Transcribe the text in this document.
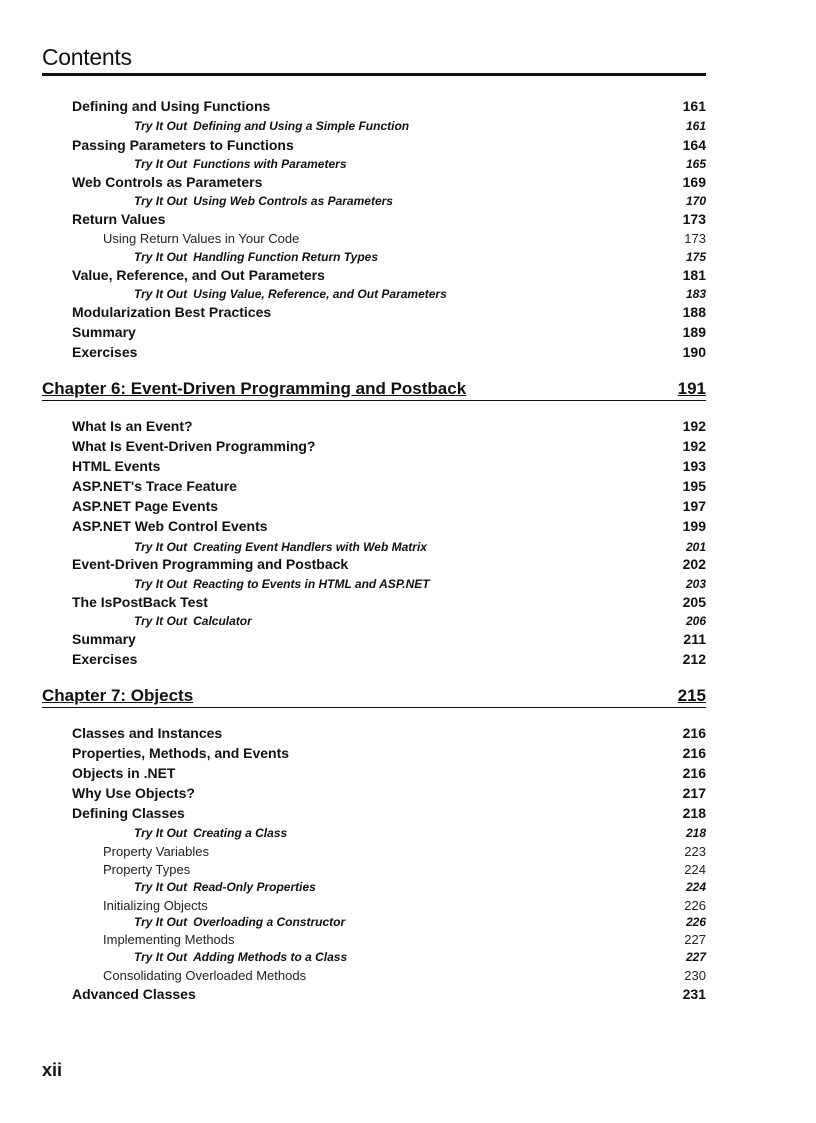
Contents
Defining and Using Functions	161
Try It Out Defining and Using a Simple Function	161
Passing Parameters to Functions	164
Try It Out Functions with Parameters	165
Web Controls as Parameters	169
Try It Out Using Web Controls as Parameters	170
Return Values	173
Using Return Values in Your Code	173
Try It Out Handling Function Return Types	175
Value, Reference, and Out Parameters	181
Try It Out Using Value, Reference, and Out Parameters	183
Modularization Best Practices	188
Summary	189
Exercises	190
Chapter 6: Event-Driven Programming and Postback	191
What Is an Event?	192
What Is Event-Driven Programming?	192
HTML Events	193
ASP.NET's Trace Feature	195
ASP.NET Page Events	197
ASP.NET Web Control Events	199
Try It Out Creating Event Handlers with Web Matrix	201
Event-Driven Programming and Postback	202
Try It Out Reacting to Events in HTML and ASP.NET	203
The IsPostBack Test	205
Try It Out Calculator	206
Summary	211
Exercises	212
Chapter 7: Objects	215
Classes and Instances	216
Properties, Methods, and Events	216
Objects in .NET	216
Why Use Objects?	217
Defining Classes	218
Try It Out Creating a Class	218
Property Variables	223
Property Types	224
Try It Out Read-Only Properties	224
Initializing Objects	226
Try It Out Overloading a Constructor	226
Implementing Methods	227
Try It Out Adding Methods to a Class	227
Consolidating Overloaded Methods	230
Advanced Classes	231
xii
